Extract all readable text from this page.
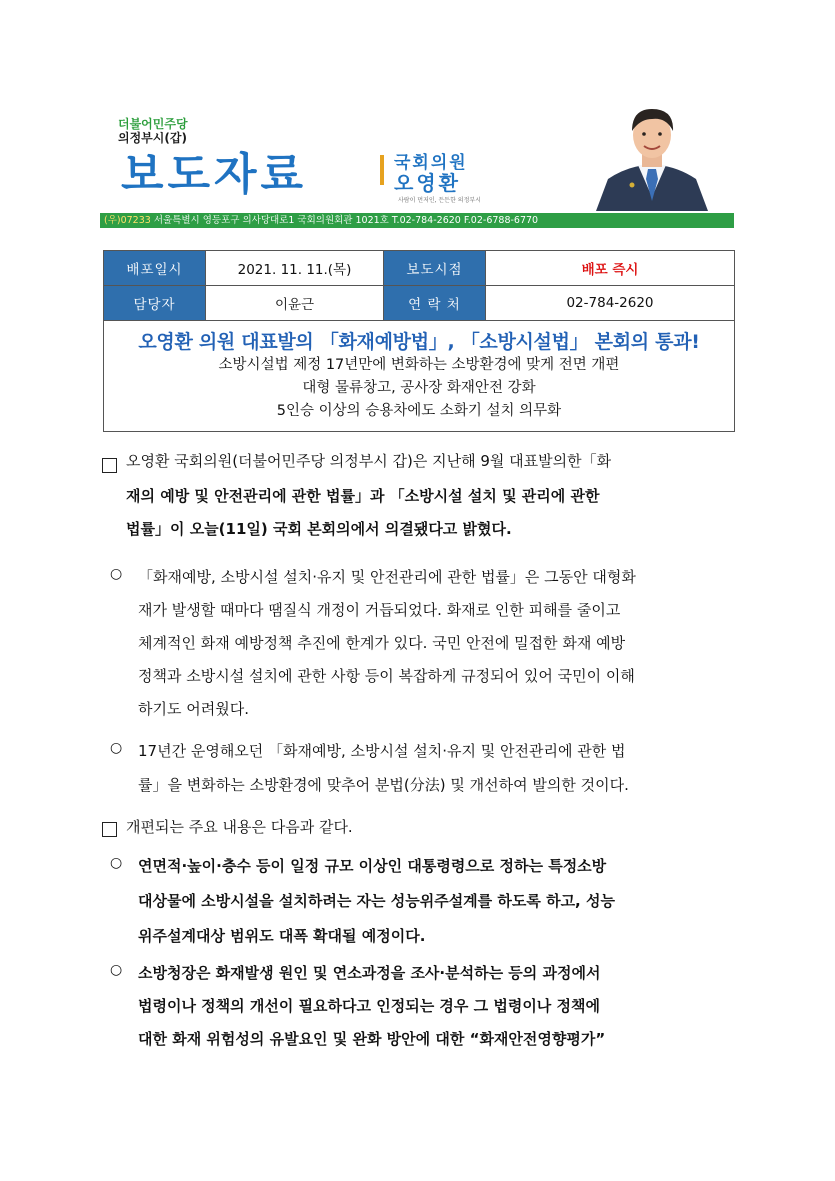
더불어민주당
의정부시(갑)
보도자료	국회의원
오영환
사람이 먼저인, 든든한 의정부시
(우)07233 서울특별시 영등포구 의사당대로1 국회의원회관 1021호 T.02-784-2620 F.02-6788-6770
배포일시	2021. 11. 11.(목)	보도시점	배포 즉시
담당자	이윤근	연 락 처	02-784-2620
오영환 의원 대표발의 「화재예방법」, 「소방시설법」 본회의 통과!
소방시설법 제정 17년만에 변화하는 소방환경에 맞게 전면 개편
대형 물류창고, 공사장 화재안전 강화
5인승 이상의 승용차에도 소화기 설치 의무화
오영환 국회의원(더불어민주당 의정부시 갑)은 지난해 9월 대표발의한「화
재의 예방 및 안전관리에 관한 법률」과 「소방시설 설치 및 관리에 관한
법률」이 오늘(11일) 국회 본회의에서 의결됐다고 밝혔다.
○ 「화재예방, 소방시설 설치·유지 및 안전관리에 관한 법률」은 그동안 대형화
재가 발생할 때마다 땜질식 개정이 거듭되었다. 화재로 인한 피해를 줄이고
체계적인 화재 예방정책 추진에 한계가 있다. 국민 안전에 밀접한 화재 예방
정책과 소방시설 설치에 관한 사항 등이 복잡하게 규정되어 있어 국민이 이해
하기도 어려웠다.
○ 17년간 운영해오던 「화재예방, 소방시설 설치·유지 및 안전관리에 관한 법
률」을 변화하는 소방환경에 맞추어 분법(分法) 및 개선하여 발의한 것이다.
개편되는 주요 내용은 다음과 같다.
○ 연면적·높이·층수 등이 일정 규모 이상인 대통령령으로 정하는 특정소방
대상물에 소방시설을 설치하려는 자는 성능위주설계를 하도록 하고, 성능
위주설계대상 범위도 대폭 확대될 예정이다.
○ 소방청장은 화재발생 원인 및 연소과정을 조사·분석하는 등의 과정에서
법령이나 정책의 개선이 필요하다고 인정되는 경우 그 법령이나 정책에
대한 화재 위험성의 유발요인 및 완화 방안에 대한 “화재안전영향평가”
